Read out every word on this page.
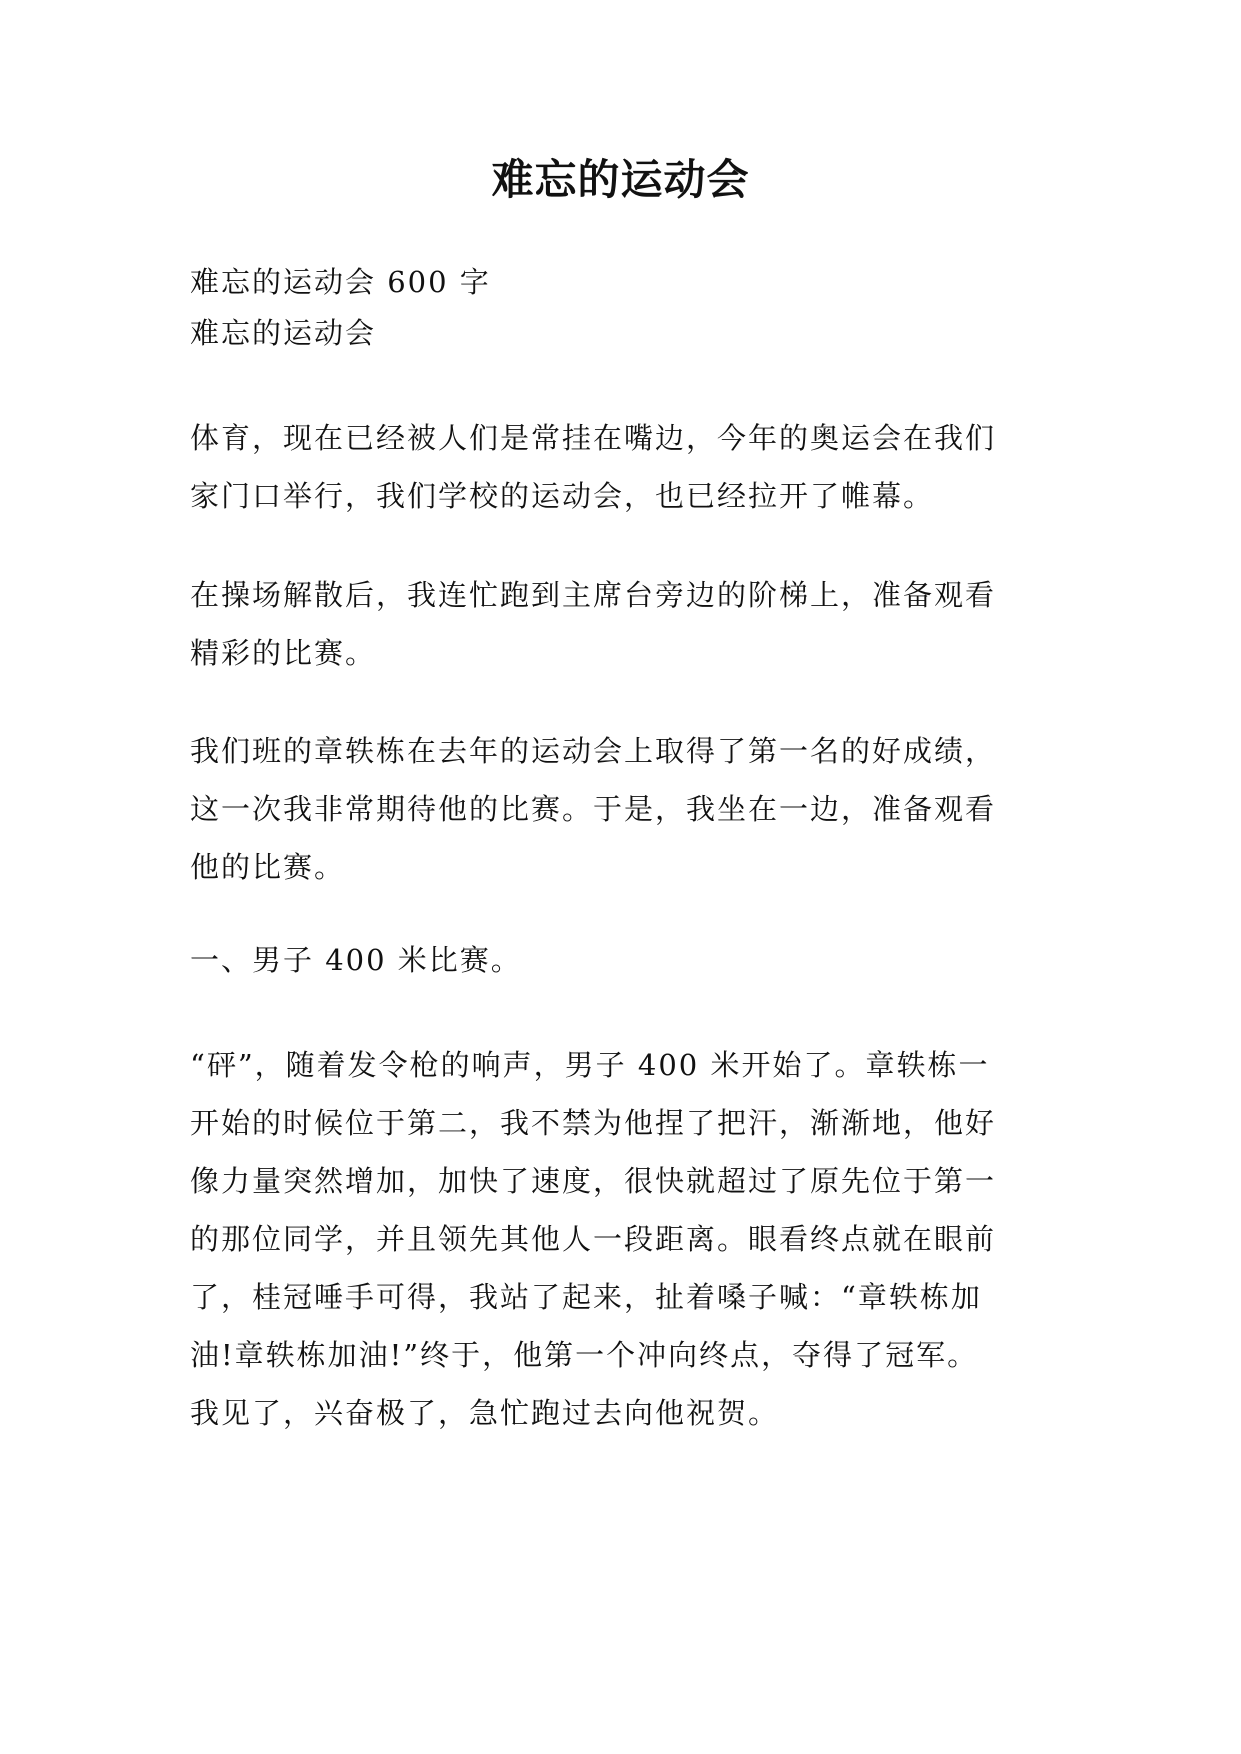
难忘的运动会

难忘的运动会 600 字

难忘的运动会

体育，现在已经被人们是常挂在嘴边，今年的奥运会在我们
家门口举行，我们学校的运动会，也已经拉开了帷幕。
在操场解散后，我连忙跑到主席台旁边的阶梯上，准备观看
精彩的比赛。
我们班的章轶栋在去年的运动会上取得了第一名的好成绩，
这一次我非常期待他的比赛。于是，我坐在一边，准备观看
他的比赛。
一、男子 400 米比赛。
“砰”，随着发令枪的响声，男子 400 米开始了。章轶栋一
开始的时候位于第二，我不禁为他捏了把汗，渐渐地，他好
像力量突然增加，加快了速度，很快就超过了原先位于第一
的那位同学，并且领先其他人一段距离。眼看终点就在眼前
了，桂冠唾手可得，我站了起来，扯着嗓子喊：“章轶栋加
油!章轶栋加油!”终于，他第一个冲向终点，夺得了冠军。
我见了，兴奋极了，急忙跑过去向他祝贺。
